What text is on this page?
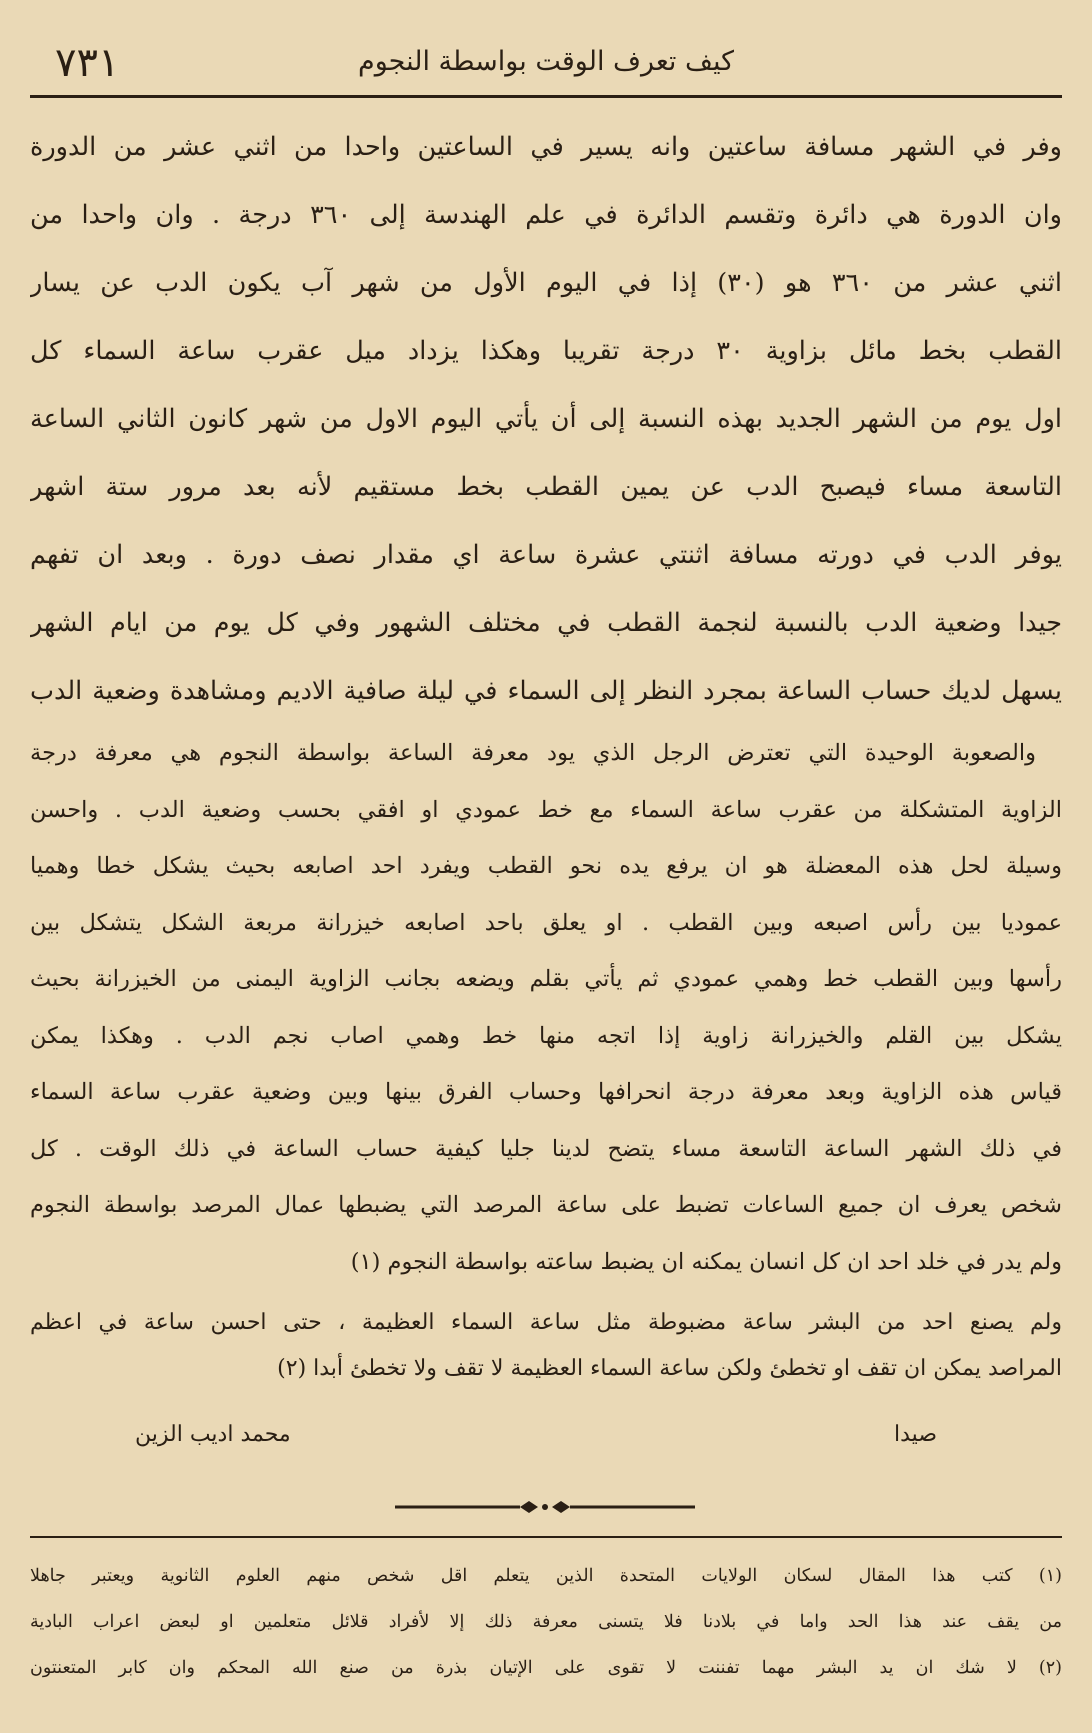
كيف تعرف الوقت بواسطة النجوم
٧٣١
وفر في الشهر مسافة ساعتين وانه يسير في الساعتين واحدا من اثني عشر من الدورة
وان الدورة هي دائرة وتقسم الدائرة في علم الهندسة إلى ٣٦٠ درجة . وان واحدا من
اثني عشر من ٣٦٠ هو (٣٠) إذا في اليوم الأول من شهر آب يكون الدب عن يسار
القطب بخط مائل بزاوية ٣٠ درجة تقريبا وهكذا يزداد ميل عقرب ساعة السماء كل
اول يوم من الشهر الجديد بهذه النسبة إلى أن يأتي اليوم الاول من شهر كانون الثاني الساعة
التاسعة مساء فيصبح الدب عن يمين القطب بخط مستقيم لأنه بعد مرور ستة اشهر
يوفر الدب في دورته مسافة اثنتي عشرة ساعة اي مقدار نصف دورة . وبعد ان تفهم
جيدا وضعية الدب بالنسبة لنجمة القطب في مختلف الشهور وفي كل يوم من ايام الشهر
يسهل لديك حساب الساعة بمجرد النظر إلى السماء في ليلة صافية الاديم ومشاهدة وضعية الدب
والصعوبة الوحيدة التي تعترض الرجل الذي يود معرفة الساعة بواسطة النجوم هي معرفة درجة
الزاوية المتشكلة من عقرب ساعة السماء مع خط عمودي او افقي بحسب وضعية الدب . واحسن
وسيلة لحل هذه المعضلة هو ان يرفع يده نحو القطب ويفرد احد اصابعه بحيث يشكل خطا وهميا
عموديا بين رأس اصبعه وبين القطب . او يعلق باحد اصابعه خيزرانة مربعة الشكل يتشكل بين
رأسها وبين القطب خط وهمي عمودي ثم يأتي بقلم ويضعه بجانب الزاوية اليمنى من الخيزرانة بحيث
يشكل بين القلم والخيزرانة زاوية إذا اتجه منها خط وهمي اصاب نجم الدب . وهكذا يمكن
قياس هذه الزاوية وبعد معرفة درجة انحرافها وحساب الفرق بينها وبين وضعية عقرب ساعة السماء
في ذلك الشهر الساعة التاسعة مساء يتضح لدينا جليا كيفية حساب الساعة في ذلك الوقت . كل
شخص يعرف ان جميع الساعات تضبط على ساعة المرصد التي يضبطها عمال المرصد بواسطة النجوم
ولم يدر في خلد احد ان كل انسان يمكنه ان يضبط ساعته بواسطة النجوم (١)
ولم يصنع احد من البشر ساعة مضبوطة مثل ساعة السماء العظيمة ، حتى احسن ساعة في اعظم
المراصد يمكن ان تقف او تخطئ ولكن ساعة السماء العظيمة لا تقف ولا تخطئ أبدا (٢)
صيدا
محمد اديب الزين
(١) كتب هذا المقال لسكان الولايات المتحدة الذين يتعلم اقل شخص منهم العلوم الثانوية ويعتبر جاهلا
من يقف عند هذا الحد واما في بلادنا فلا يتسنى معرفة ذلك إلا لأفراد قلائل متعلمين او لبعض اعراب البادية
(٢) لا شك ان يد البشر مهما تفننت لا تقوى على الإتيان بذرة من صنع الله المحكم وان كابر المتعنتون
